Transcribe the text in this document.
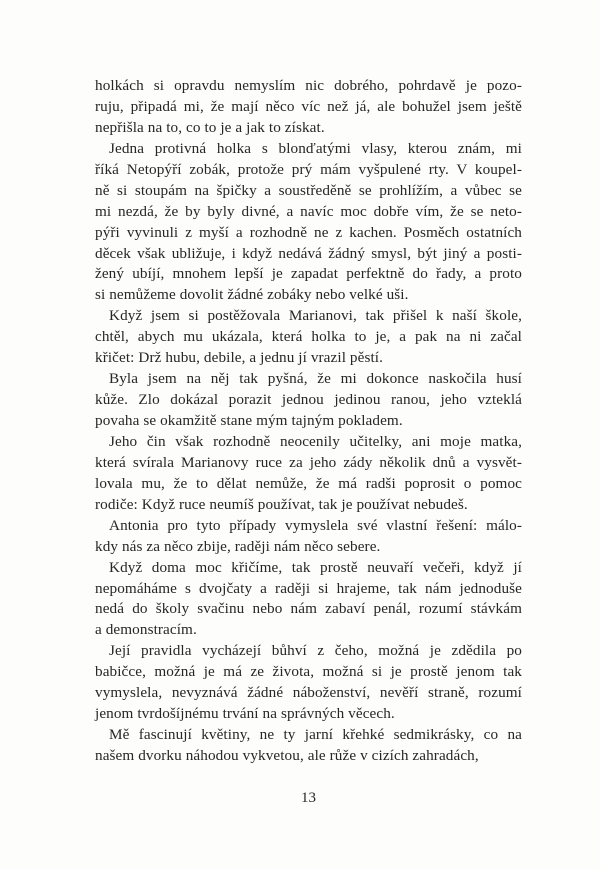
holkách si opravdu nemyslím nic dobrého, pohrdavě je pozo-
ruju, připadá mi, že mají něco víc než já, ale bohužel jsem ještě
nepřišla na to, co to je a jak to získat.
Jedna protivná holka s blonďatými vlasy, kterou znám, mi
říká Netopýří zobák, protože prý mám vyšpulené rty. V koupel-
ně si stoupám na špičky a soustředěně se prohlížím, a vůbec se
mi nezdá, že by byly divné, a navíc moc dobře vím, že se neto-
pýři vyvinuli z myší a rozhodně ne z kachen. Posměch ostatních
děcek však ubližuje, i když nedává žádný smysl, být jiný a posti-
žený ubíjí, mnohem lepší je zapadat perfektně do řady, a proto
si nemůžeme dovolit žádné zobáky nebo velké uši.
Když jsem si postěžovala Marianovi, tak přišel k naší škole,
chtěl, abych mu ukázala, která holka to je, a pak na ni začal
křičet: Drž hubu, debile, a jednu jí vrazil pěstí.
Byla jsem na něj tak pyšná, že mi dokonce naskočila husí
kůže. Zlo dokázal porazit jednou jedinou ranou, jeho vzteklá
povaha se okamžitě stane mým tajným pokladem.
Jeho čin však rozhodně neocenily učitelky, ani moje matka,
která svírala Marianovy ruce za jeho zády několik dnů a vysvět-
lovala mu, že to dělat nemůže, že má radši poprosit o pomoc
rodiče: Když ruce neumíš používat, tak je používat nebudeš.
Antonia pro tyto případy vymyslela své vlastní řešení: málo-
kdy nás za něco zbije, raději nám něco sebere.
Když doma moc křičíme, tak prostě neuvaří večeři, když jí
nepomáháme s dvojčaty a raději si hrajeme, tak nám jednoduše
nedá do školy svačinu nebo nám zabaví penál, rozumí stávkám
a demonstracím.
Její pravidla vycházejí bůhví z čeho, možná je zdědila po
babičce, možná je má ze života, možná si je prostě jenom tak
vymyslela, nevyznává žádné náboženství, nevěří straně, rozumí
jenom tvrdošíjnému trvání na správných věcech.
Mě fascinují květiny, ne ty jarní křehké sedmikrásky, co na
našem dvorku náhodou vykvetou, ale růže v cizích zahradách,
13
